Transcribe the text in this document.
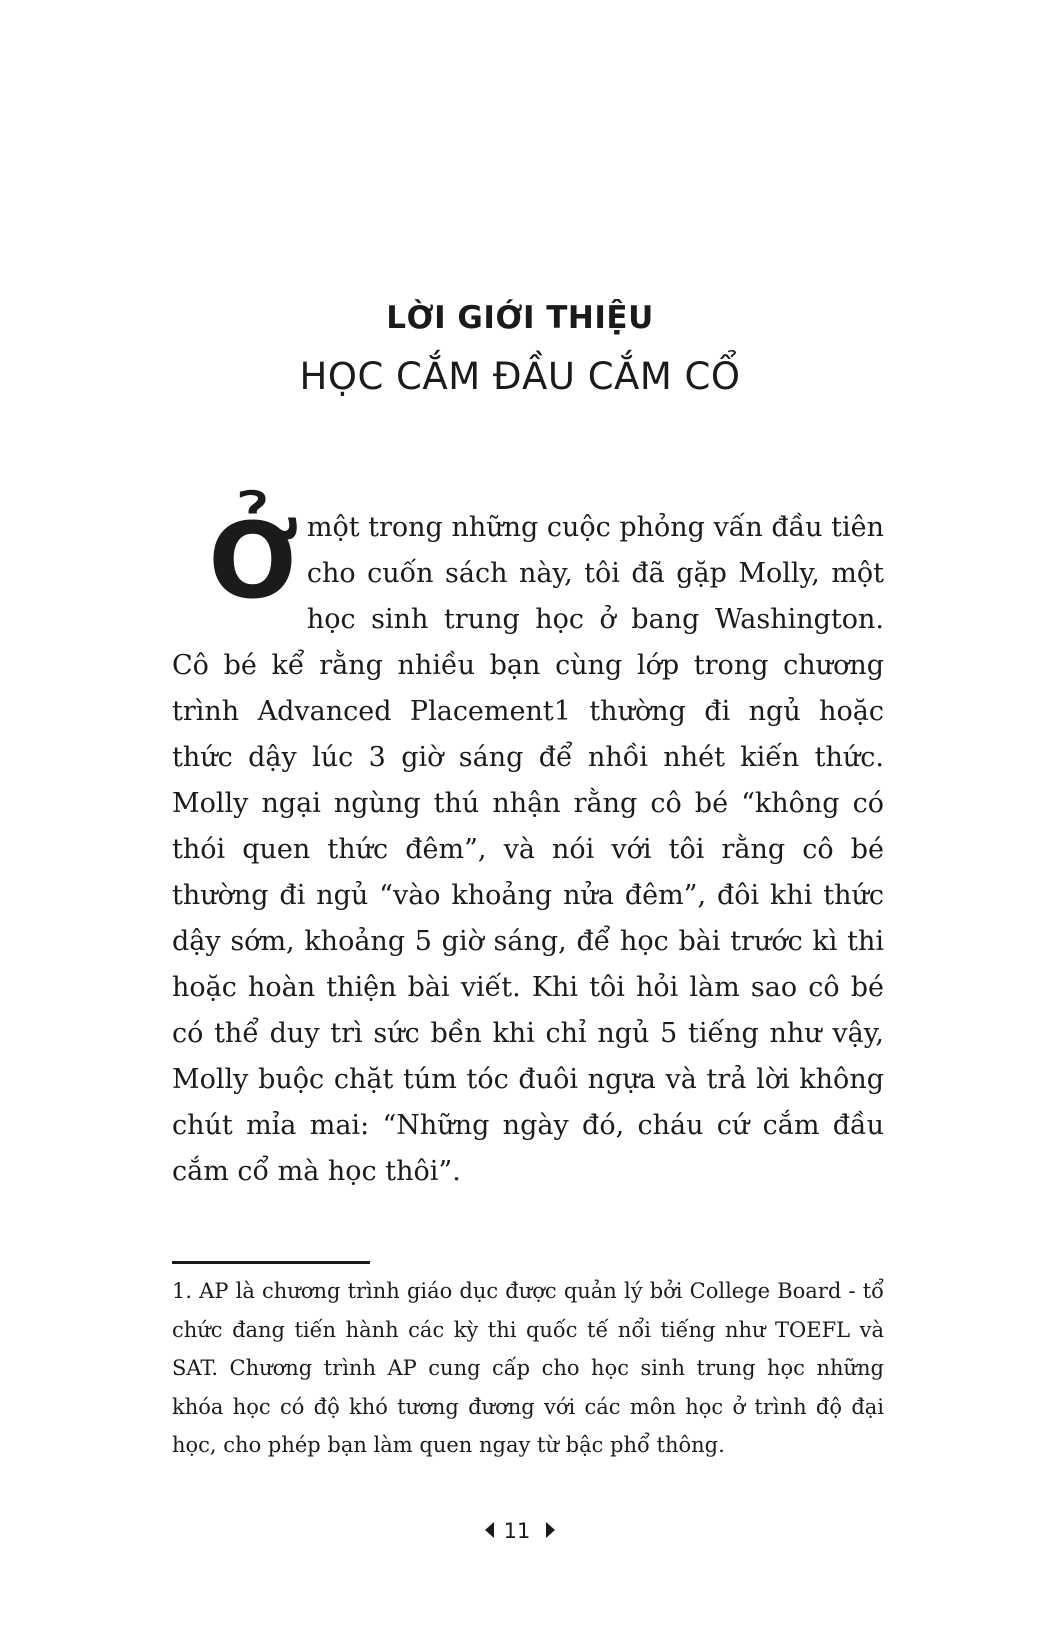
LỜI GIỚI THIỆU
HỌC CẮM ĐẦU CẮM CỔ

Ở một trong những cuộc phỏng vấn đầu tiên cho cuốn sách này, tôi đã gặp Molly, một học sinh trung học ở bang Washington. Cô bé kể rằng nhiều bạn cùng lớp trong chương trình Advanced Placement1 thường đi ngủ hoặc thức dậy lúc 3 giờ sáng để nhồi nhét kiến thức. Molly ngại ngùng thú nhận rằng cô bé “không có thói quen thức đêm”, và nói với tôi rằng cô bé thường đi ngủ “vào khoảng nửa đêm”, đôi khi thức dậy sớm, khoảng 5 giờ sáng, để học bài trước kì thi hoặc hoàn thiện bài viết. Khi tôi hỏi làm sao cô bé có thể duy trì sức bền khi chỉ ngủ 5 tiếng như vậy, Molly buộc chặt túm tóc đuôi ngựa và trả lời không chút mỉa mai: “Những ngày đó, cháu cứ cắm đầu cắm cổ mà học thôi”.

1. AP là chương trình giáo dục được quản lý bởi College Board - tổ chức đang tiến hành các kỳ thi quốc tế nổi tiếng như TOEFL và SAT. Chương trình AP cung cấp cho học sinh trung học những khóa học có độ khó tương đương với các môn học ở trình độ đại học, cho phép bạn làm quen ngay từ bậc phổ thông.

11
